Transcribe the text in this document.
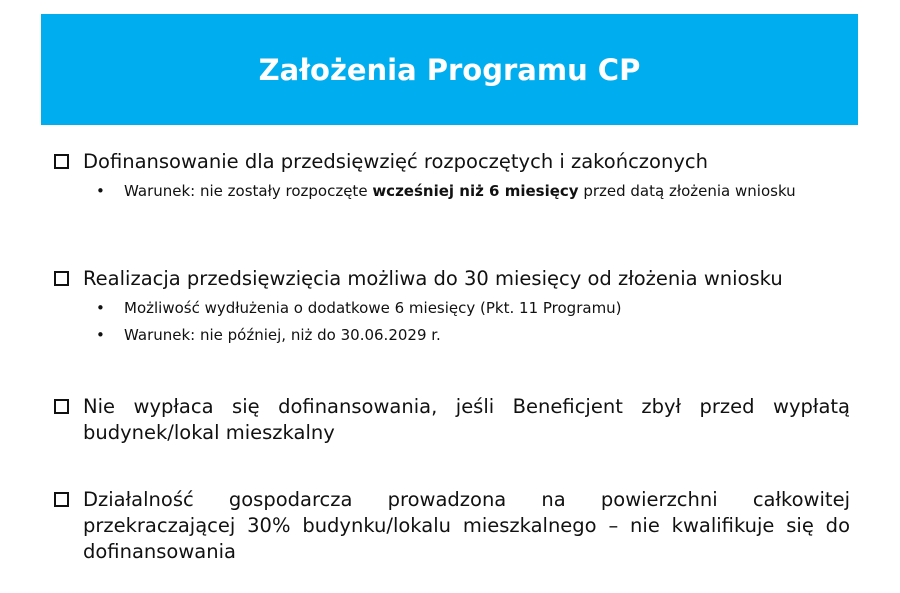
Założenia Programu CP
Dofinansowanie dla przedsięwzięć rozpoczętych i zakończonych
•	Warunek: nie zostały rozpoczęte wcześniej niż 6 miesięcy przed datą złożenia wniosku
Realizacja przedsięwzięcia możliwa do 30 miesięcy od złożenia wniosku
•	Możliwość wydłużenia o dodatkowe 6 miesięcy (Pkt. 11 Programu)
•	Warunek: nie później, niż do 30.06.2029 r.
Nie wypłaca się dofinansowania, jeśli Beneficjent zbył przed wypłatą budynek/lokal mieszkalny
Działalność gospodarcza prowadzona na powierzchni całkowitej przekraczającej 30% budynku/lokalu mieszkalnego – nie kwalifikuje się do dofinansowania
